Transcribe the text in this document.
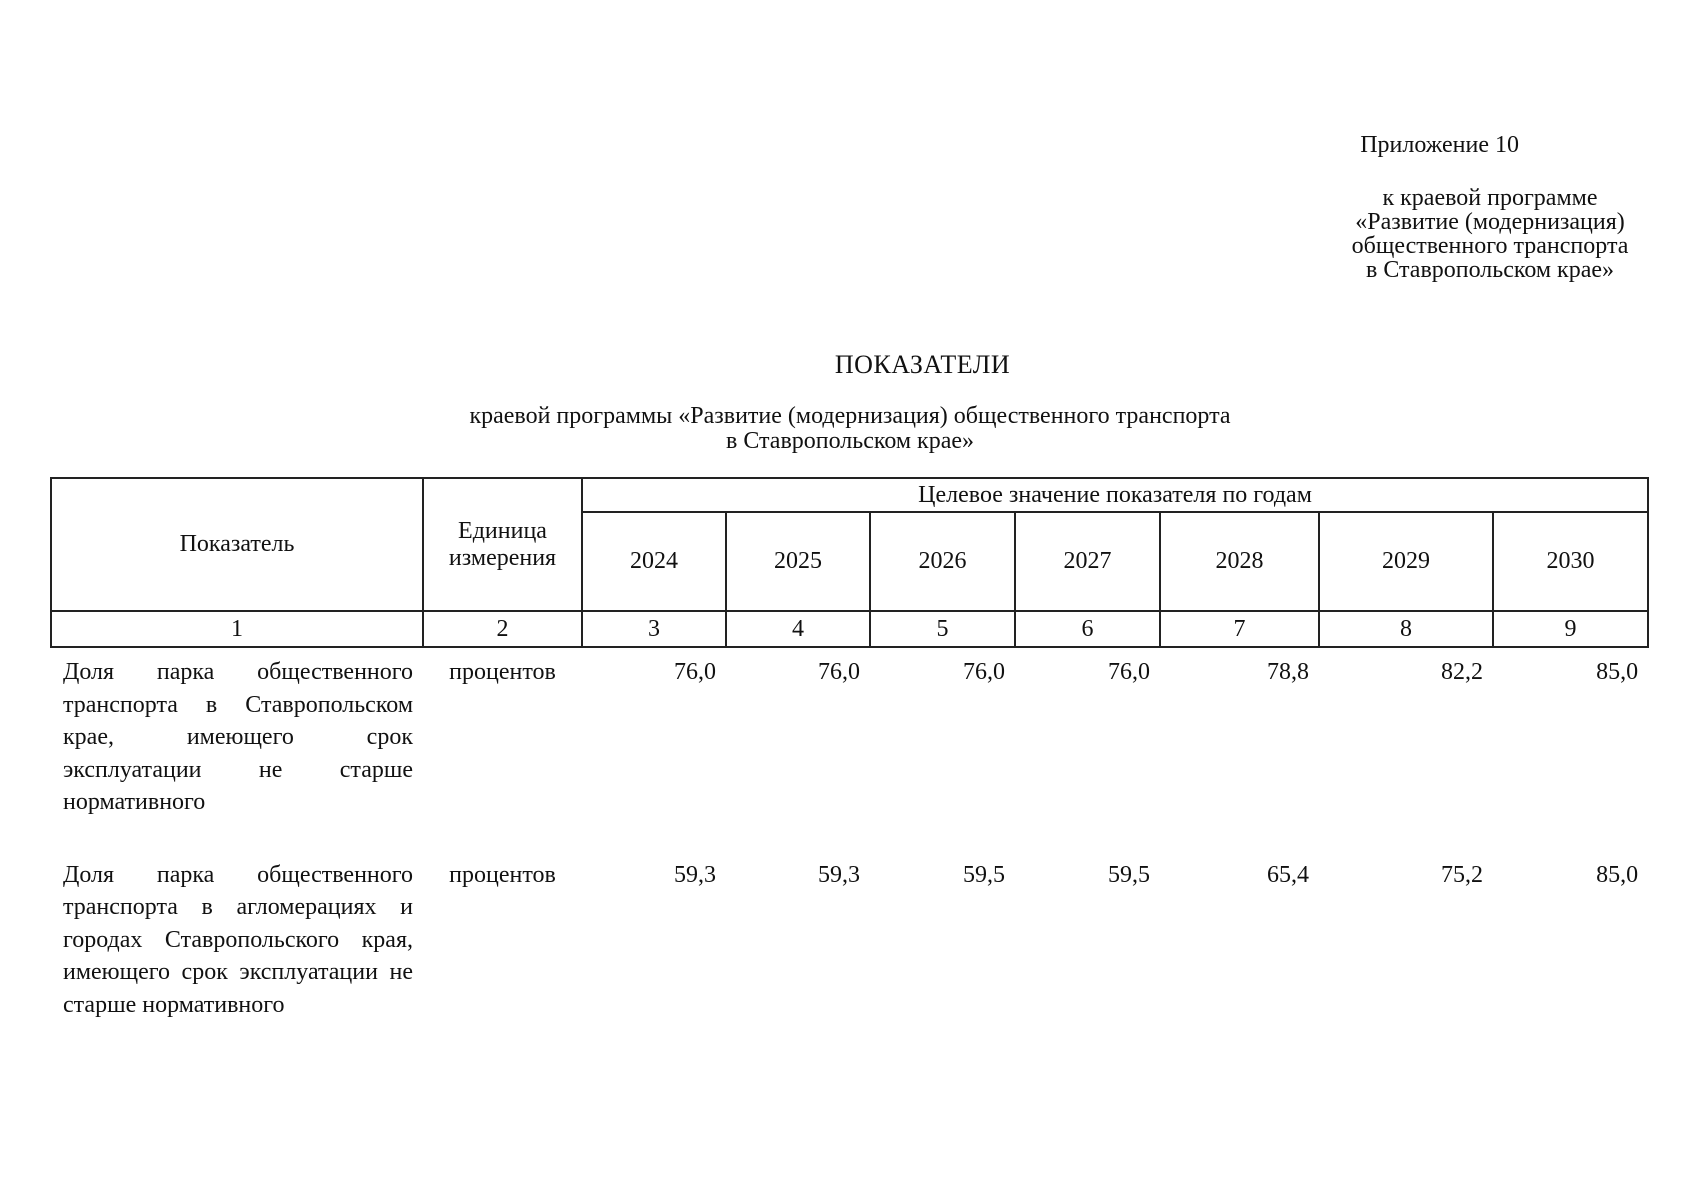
Приложение 10
к краевой программе
«Развитие (модернизация)
общественного транспорта
в Ставропольском крае»
ПОКАЗАТЕЛИ
краевой программы «Развитие (модернизация) общественного транспорта
в Ставропольском крае»
Показатель	Единица измерения	Целевое значение показателя по годам						
		2024	2025	2026	2027	2028	2029	2030
1	2	3	4	5	6	7	8	9
Доля парка общественного транспорта в Ставропольском крае, имеющего срок эксплуатации не старше нормативного	процентов	76,0	76,0	76,0	76,0	78,8	82,2	85,0
Доля парка общественного транспорта в агломерациях и городах Ставропольского края, имеющего срок эксплуатации не старше нормативного	процентов	59,3	59,3	59,5	59,5	65,4	75,2	85,0
